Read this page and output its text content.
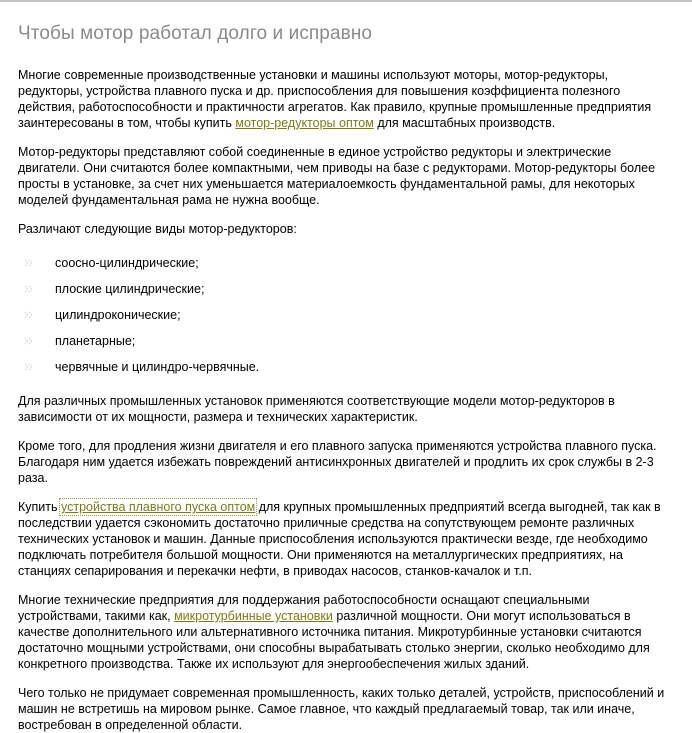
Чтобы мотор работал долго и исправно

Многие современные производственные установки и машины используют моторы, мотор-редукторы, редукторы, устройства плавного пуска и др. приспособления для повышения коэффициента полезного действия, работоспособности и практичности агрегатов. Как правило, крупные промышленные предприятия заинтересованы в том, чтобы купить мотор-редукторы оптом для масштабных производств.

Мотор-редукторы представляют собой соединенные в единое устройство редукторы и электрические двигатели. Они считаются более компактными, чем приводы на базе с редукторами. Мотор-редукторы более просты в установке, за счет них уменьшается материалоемкость фундаментальной рамы, для некоторых моделей фундаментальная рама не нужна вообще.

Различают следующие виды мотор-редукторов:

соосно-цилиндрические;
плоские цилиндрические;
цилиндроконические;
планетарные;
червячные и цилиндро-червячные.

Для различных промышленных установок применяются соответствующие модели мотор-редукторов в зависимости от их мощности, размера и технических характеристик.

Кроме того, для продления жизни двигателя и его плавного запуска применяются устройства плавного пуска. Благодаря ним удается избежать повреждений антисинхронных двигателей и продлить их срок службы в 2-3 раза.

Купить устройства плавного пуска оптом для крупных промышленных предприятий всегда выгодней, так как в последствии удается сэкономить достаточно приличные средства на сопутствующем ремонте различных технических установок и машин. Данные приспособления используются практически везде, где необходимо подключать потребителя большой мощности. Они применяются на металлургических предприятиях, на станциях сепарирования и перекачки нефти, в приводах насосов, станков-качалок и т.п.

Многие технические предприятия для поддержания работоспособности оснащают специальными устройствами, такими как, микротурбинные установки различной мощности. Они могут использоваться в качестве дополнительного или альтернативного источника питания. Микротурбинные установки считаются достаточно мощными устройствами, они способны вырабатывать столько энергии, сколько необходимо для конкретного производства. Также их используют для энергообеспечения жилых зданий.

Чего только не придумает современная промышленность, каких только деталей, устройств, приспособлений и машин не встретишь на мировом рынке. Самое главное, что каждый предлагаемый товар, так или иначе, востребован в определенной области.
